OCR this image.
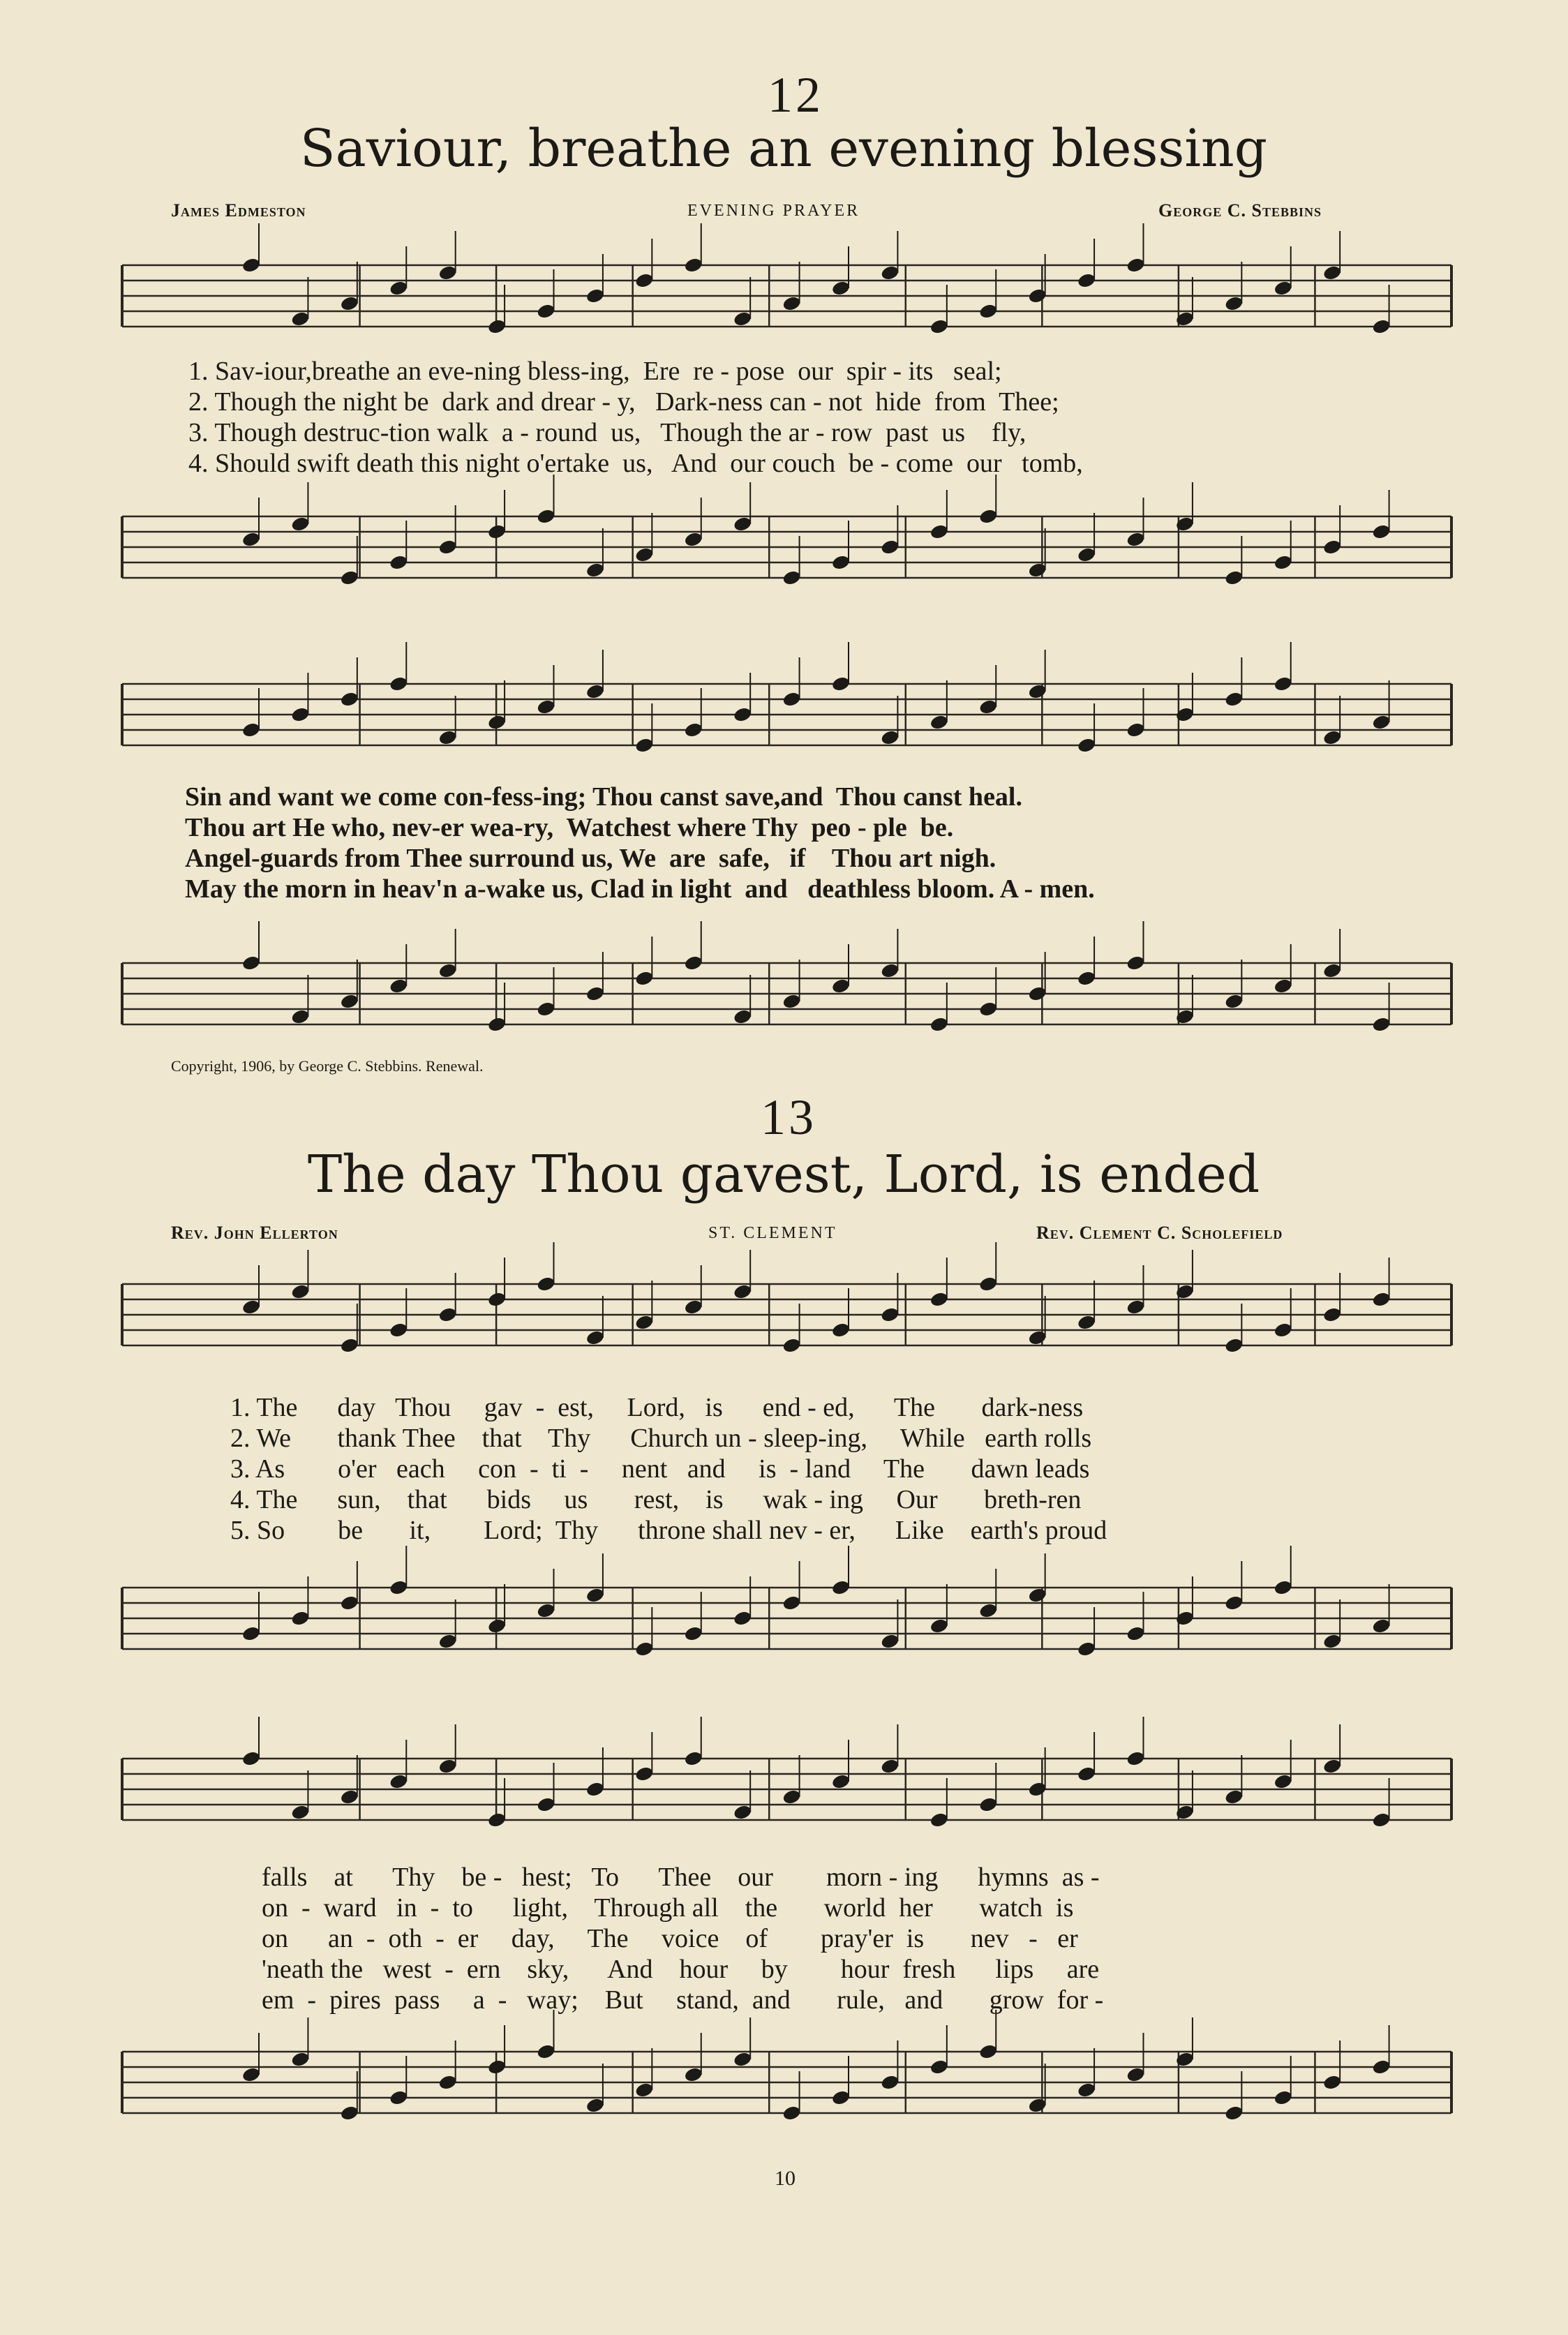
12
Saviour, breathe an evening blessing
James Edmeston	EVENING PRAYER	George C. Stebbins
1. Sav-iour,breathe an eve-ning bless-ing,  Ere  re - pose  our  spir - its   seal;
2. Though the night be  dark and drear - y,   Dark-ness can - not  hide  from  Thee;
3. Though destruc-tion walk  a - round  us,   Though the ar - row  past  us    fly,
4. Should swift death this night o'ertake  us,   And  our couch  be - come  our   tomb,
Sin and want we come con-fess-ing; Thou canst save,and  Thou canst heal.
Thou art He who, nev-er wea-ry,  Watchest where Thy  peo - ple  be.
Angel-guards from Thee surround us, We  are  safe,   if    Thou art nigh.
May the morn in heav'n a-wake us, Clad in light  and   deathless bloom. A - men.
Copyright, 1906, by George C. Stebbins. Renewal.
13
The day Thou gavest, Lord, is ended
Rev. John Ellerton	ST. CLEMENT	Rev. Clement C. Scholefield
1. The      day   Thou     gav  -  est,     Lord,   is      end - ed,      The       dark-ness
2. We       thank Thee    that    Thy      Church un - sleep-ing,     While   earth rolls
3. As        o'er   each     con  -  ti  -     nent   and     is  - land     The       dawn leads
4. The      sun,    that      bids     us       rest,    is      wak - ing     Our       breth-ren
5. So        be       it,        Lord;  Thy      throne shall nev - er,      Like    earth's proud
falls    at      Thy    be -   hest;   To      Thee    our        morn - ing      hymns  as -
on  -  ward   in  -  to      light,    Through all    the       world  her       watch  is
on      an  -  oth  -  er     day,     The     voice    of        pray'er  is       nev   -   er
'neath the   west  -  ern    sky,      And    hour     by        hour  fresh      lips     are
em  -  pires  pass     a  -   way;    But     stand,  and       rule,   and       grow  for -
10
